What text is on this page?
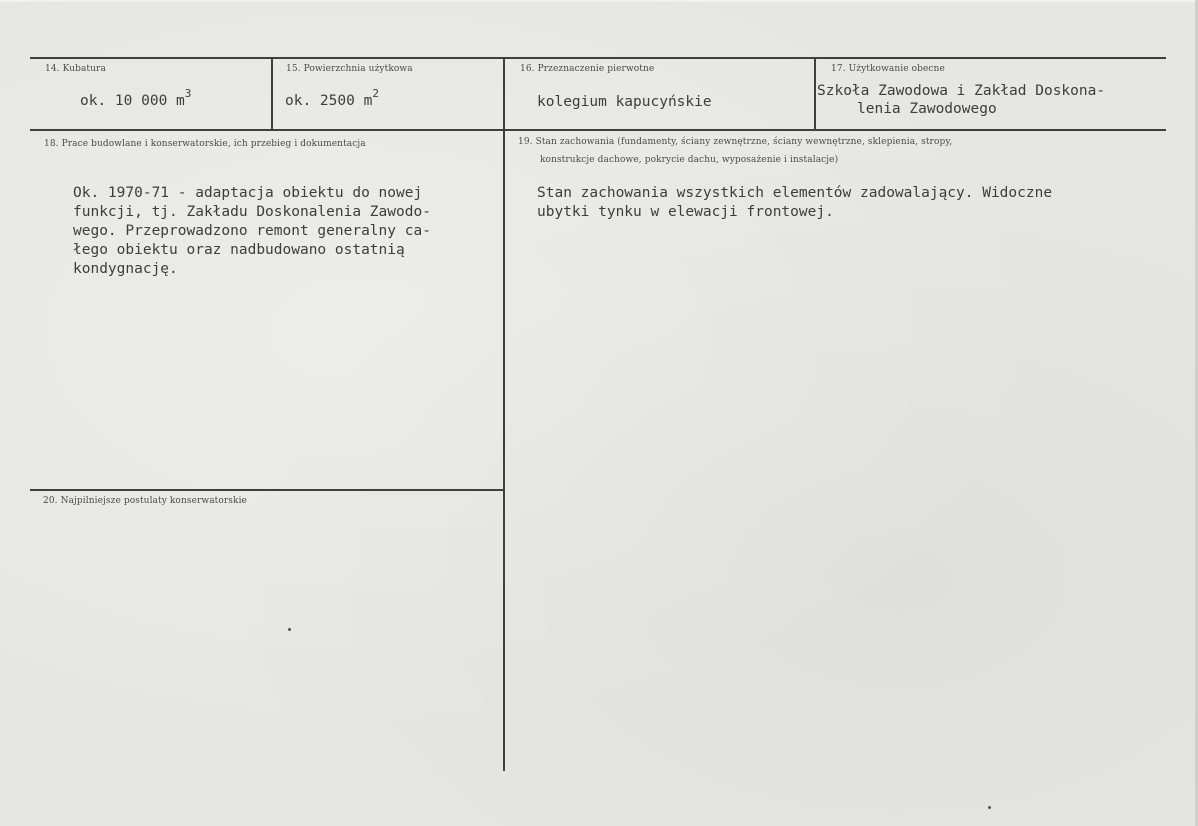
14. Kubatura
ok. 10 000 $m^3$
15. Powierzchnia użytkowa
ok. 2500 $m^2$
16. Przeznaczenie pierwotne
kolegium kapucyńskie
17. Użytkowanie obecne
Szkoła Zawodowa i Zakład Doskona-
lenia Zawodowego
18. Prace budowlane i konserwatorskie, ich przebieg i dokumentacja
Ok. 1970-71 - adaptacja obiektu do nowej
funkcji, tj. Zakładu Doskonalenia Zawodo-
wego. Przeprowadzono remont generalny ca-
łego obiektu oraz nadbudowano ostatnią
kondygnację.
19. Stan zachowania (fundamenty, ściany zewnętrzne, ściany wewnętrzne, sklepienia, stropy,
konstrukcje dachowe, pokrycie dachu, wyposażenie i instalacje)
Stan zachowania wszystkich elementów zadowalający. Widoczne
ubytki tynku w elewacji frontowej.
20. Najpilniejsze postulaty konserwatorskie
